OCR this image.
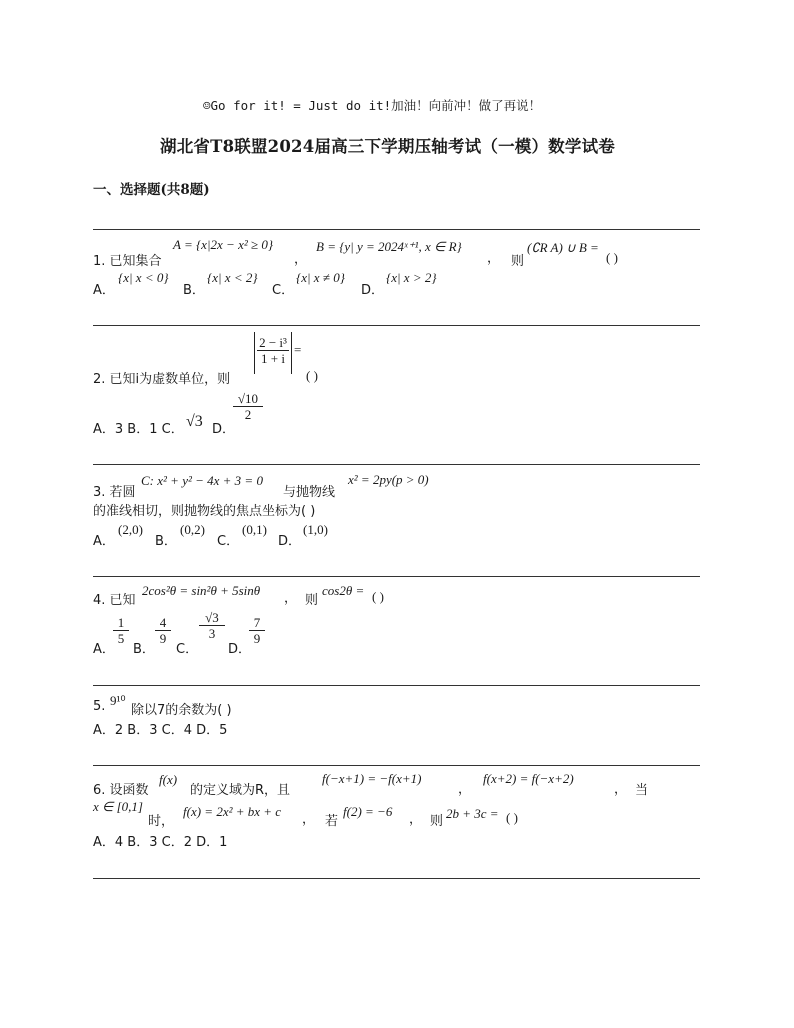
☺Go for it! = Just do it!加油！向前冲！做了再说！
湖北省T8联盟2024届高三下学期压轴考试（一模）数学试卷
一、选择题(共8题)
1. 已知集合
A = {x|2x − x² ≥ 0}
，
B = {y| y = 2024ˣ⁺¹, x ∈ R}
， 则
(∁R A) ∪ B =
( )
A．
{x| x < 0}
B．
{x| x < 2}
C．
{x| x ≠ 0}
D．
{x| x > 2}
2. 已知i为虚数单位，则
$\frac{\text{2 − i³}}{1 + i}$ =
( )
A．3 B．1 C． √3 D．
$\frac{√10}{2}$
3. 若圆
C: x² + y² − 4x + 3 = 0
与抛物线
x² = 2py(p > 0)
的准线相切，则抛物线的焦点坐标为( )
A．
(2,0)
B．
(0,2)
C．
(0,1)
D．
(1,0)
4. 已知
2cos²θ = sin²θ + 5sinθ
， 则
cos2θ = ( )
A．
$\frac{1}{5}$
B．
$\frac{4}{9}$
C．
$\frac{√3}{3}$
D．
$\frac{7}{9}$
5. 9¹⁰
除以7的余数为( )
A．2 B．3 C．4 D．5
6. 设函数
f(x)
的定义域为R，且
f(−x+1) = −f(x+1)
，
f(x+2) = f(−x+2)
， 当
x ∈ [0,1]
时，
f(x) = 2x² + bx + c
， 若
f(2) = −6
， 则
2b + 3c = ( )
A．4 B．3 C．2 D．1
